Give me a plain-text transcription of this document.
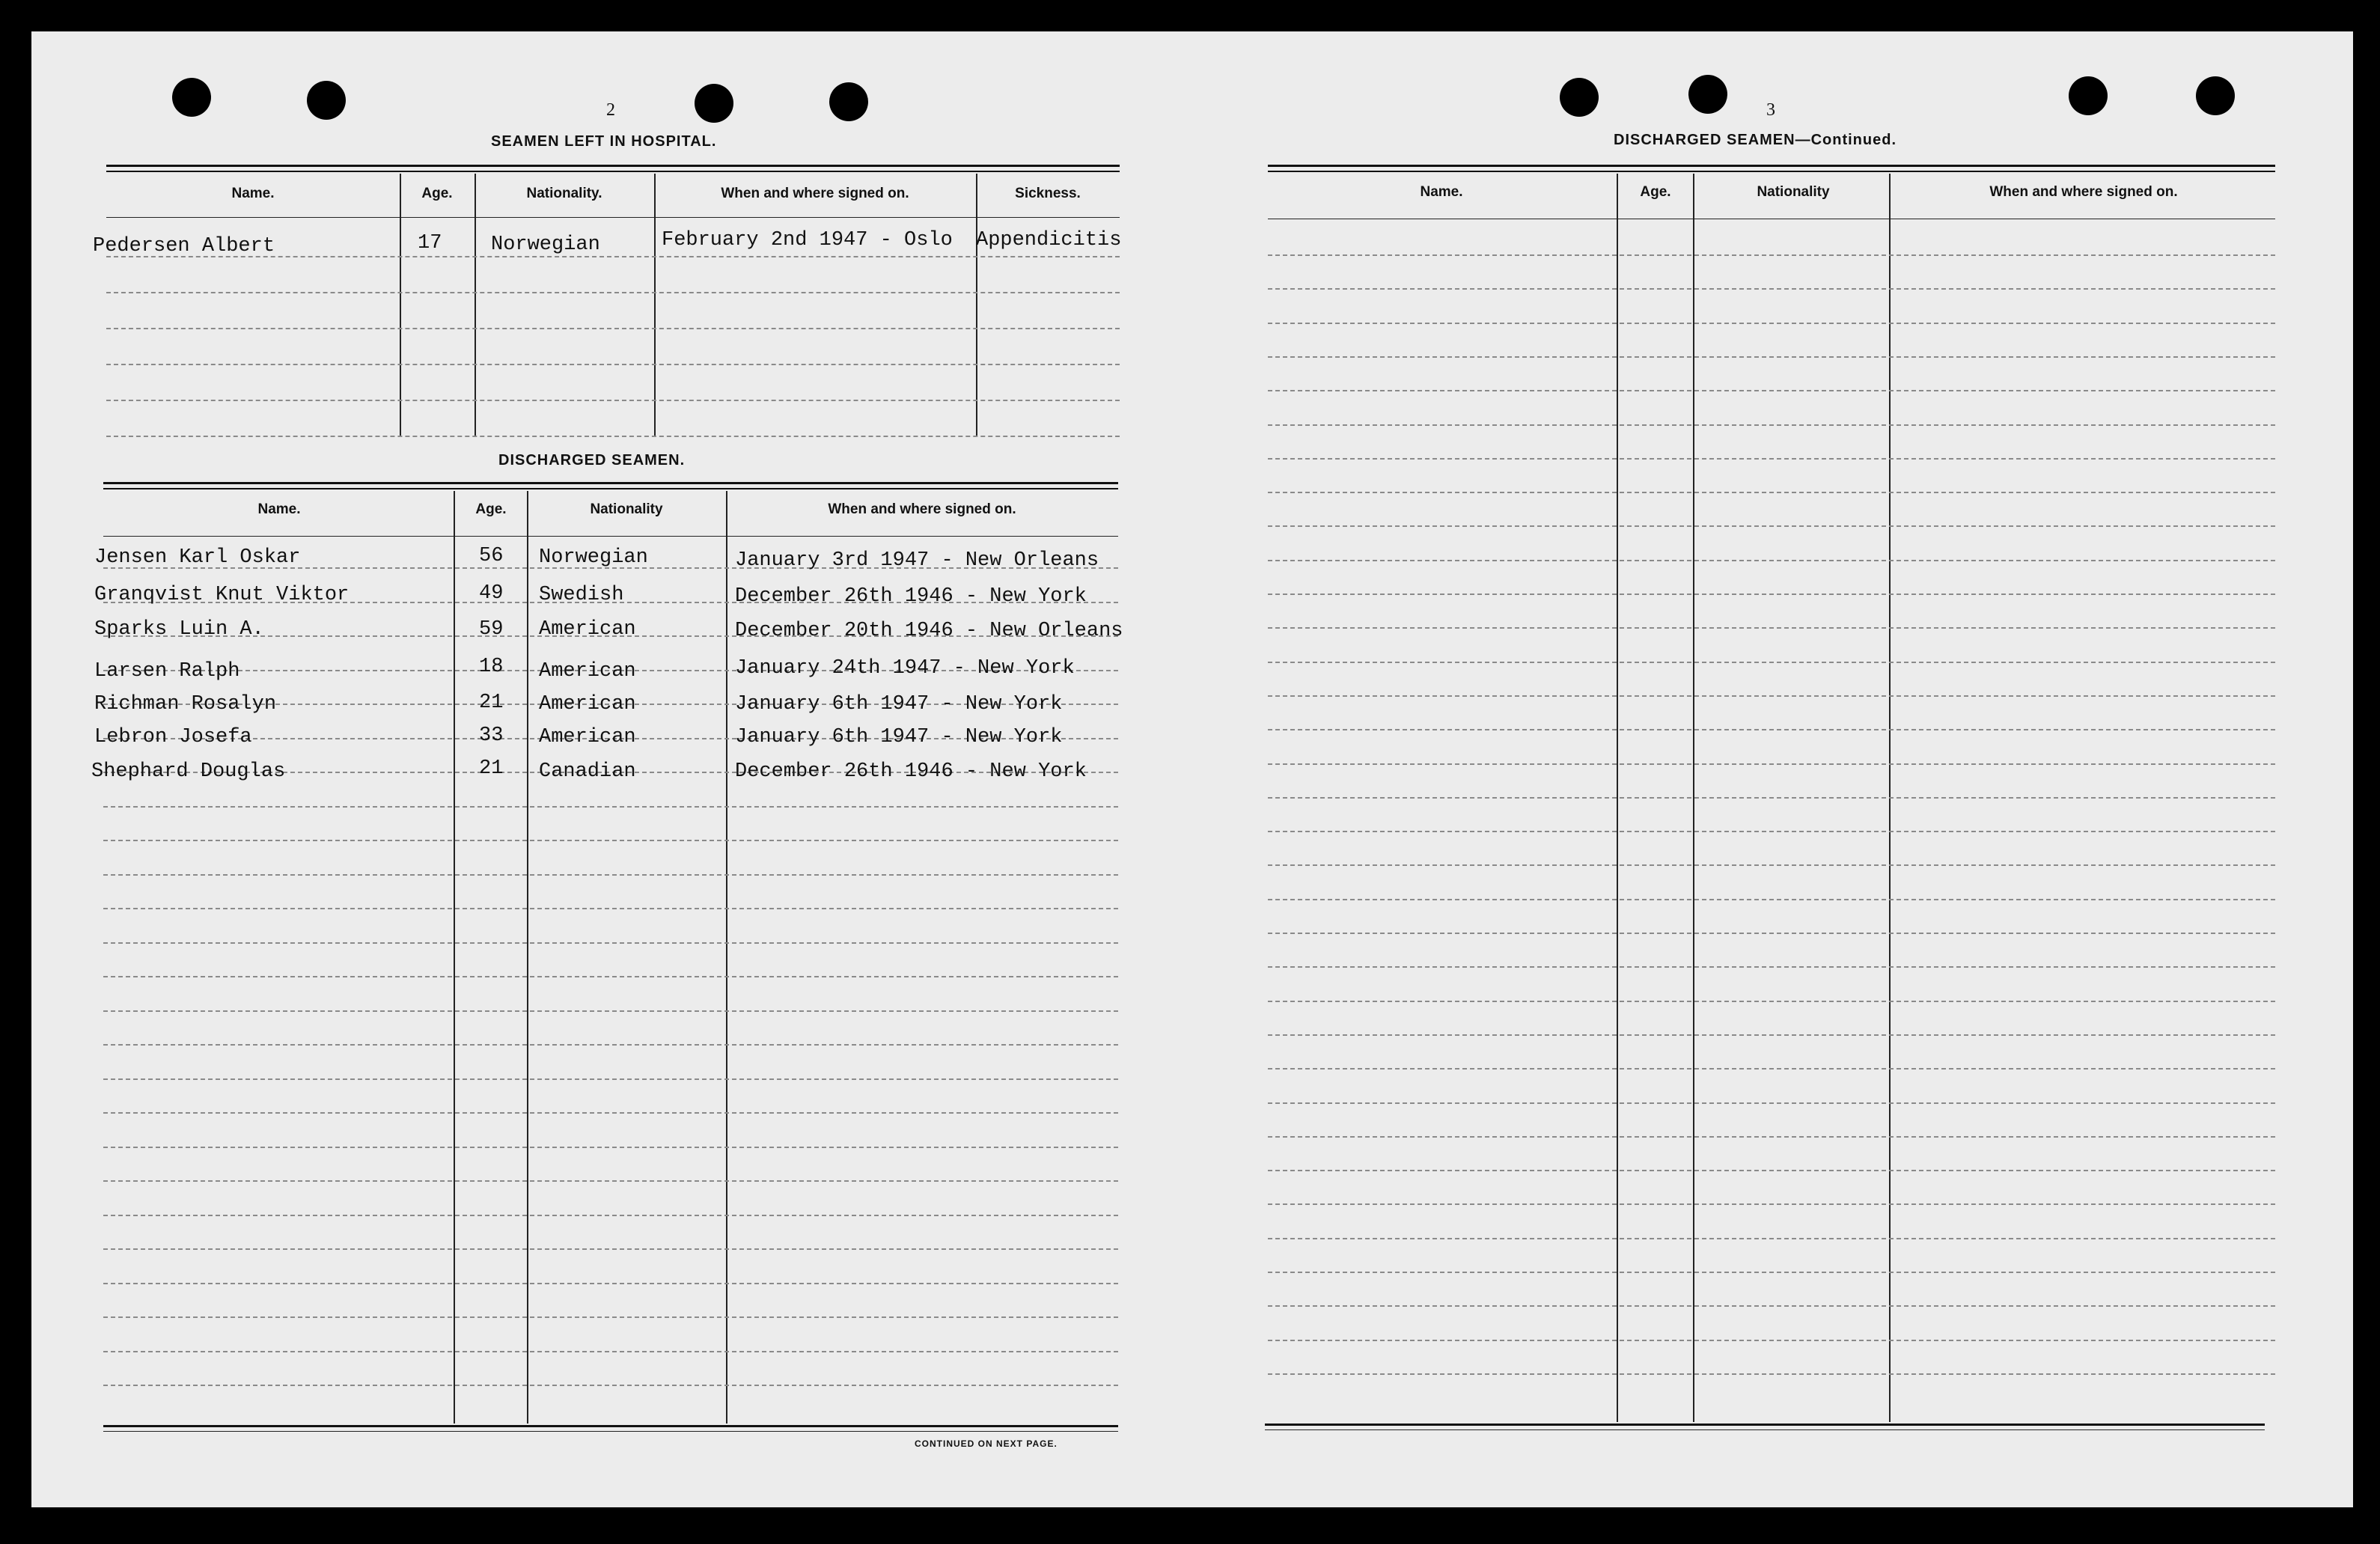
2
SEAMEN LEFT IN HOSPITAL.
Name.	Age.	Nationality.	When and where signed on.	Sickness.
Pedersen Albert	17 Norwegian	February 2nd 1947 - Oslo Appendicitis
DISCHARGED SEAMEN.
Name.	Age.	Nationality	When and where signed on.
Jensen Karl Oskar	56 Norwegian	January 3rd 1947 - New Orleans
Granqvist Knut Viktor	49 Swedish	December 26th 1946 - New York
Sparks Luin A.	59 American	December 20th 1946 - New Orleans
Larsen Ralph	18 American	January 24th 1947 - New York
Richman Rosalyn	21 American	January 6th 1947 - New York
Lebron Josefa	33 American	January 6th 1947 - New York
Shephard Douglas	21 Canadian	December 26th 1946 - New York
CONTINUED ON NEXT PAGE.
3
DISCHARGED SEAMEN—Continued.
Name.	Age.	Nationality	When and where signed on.
